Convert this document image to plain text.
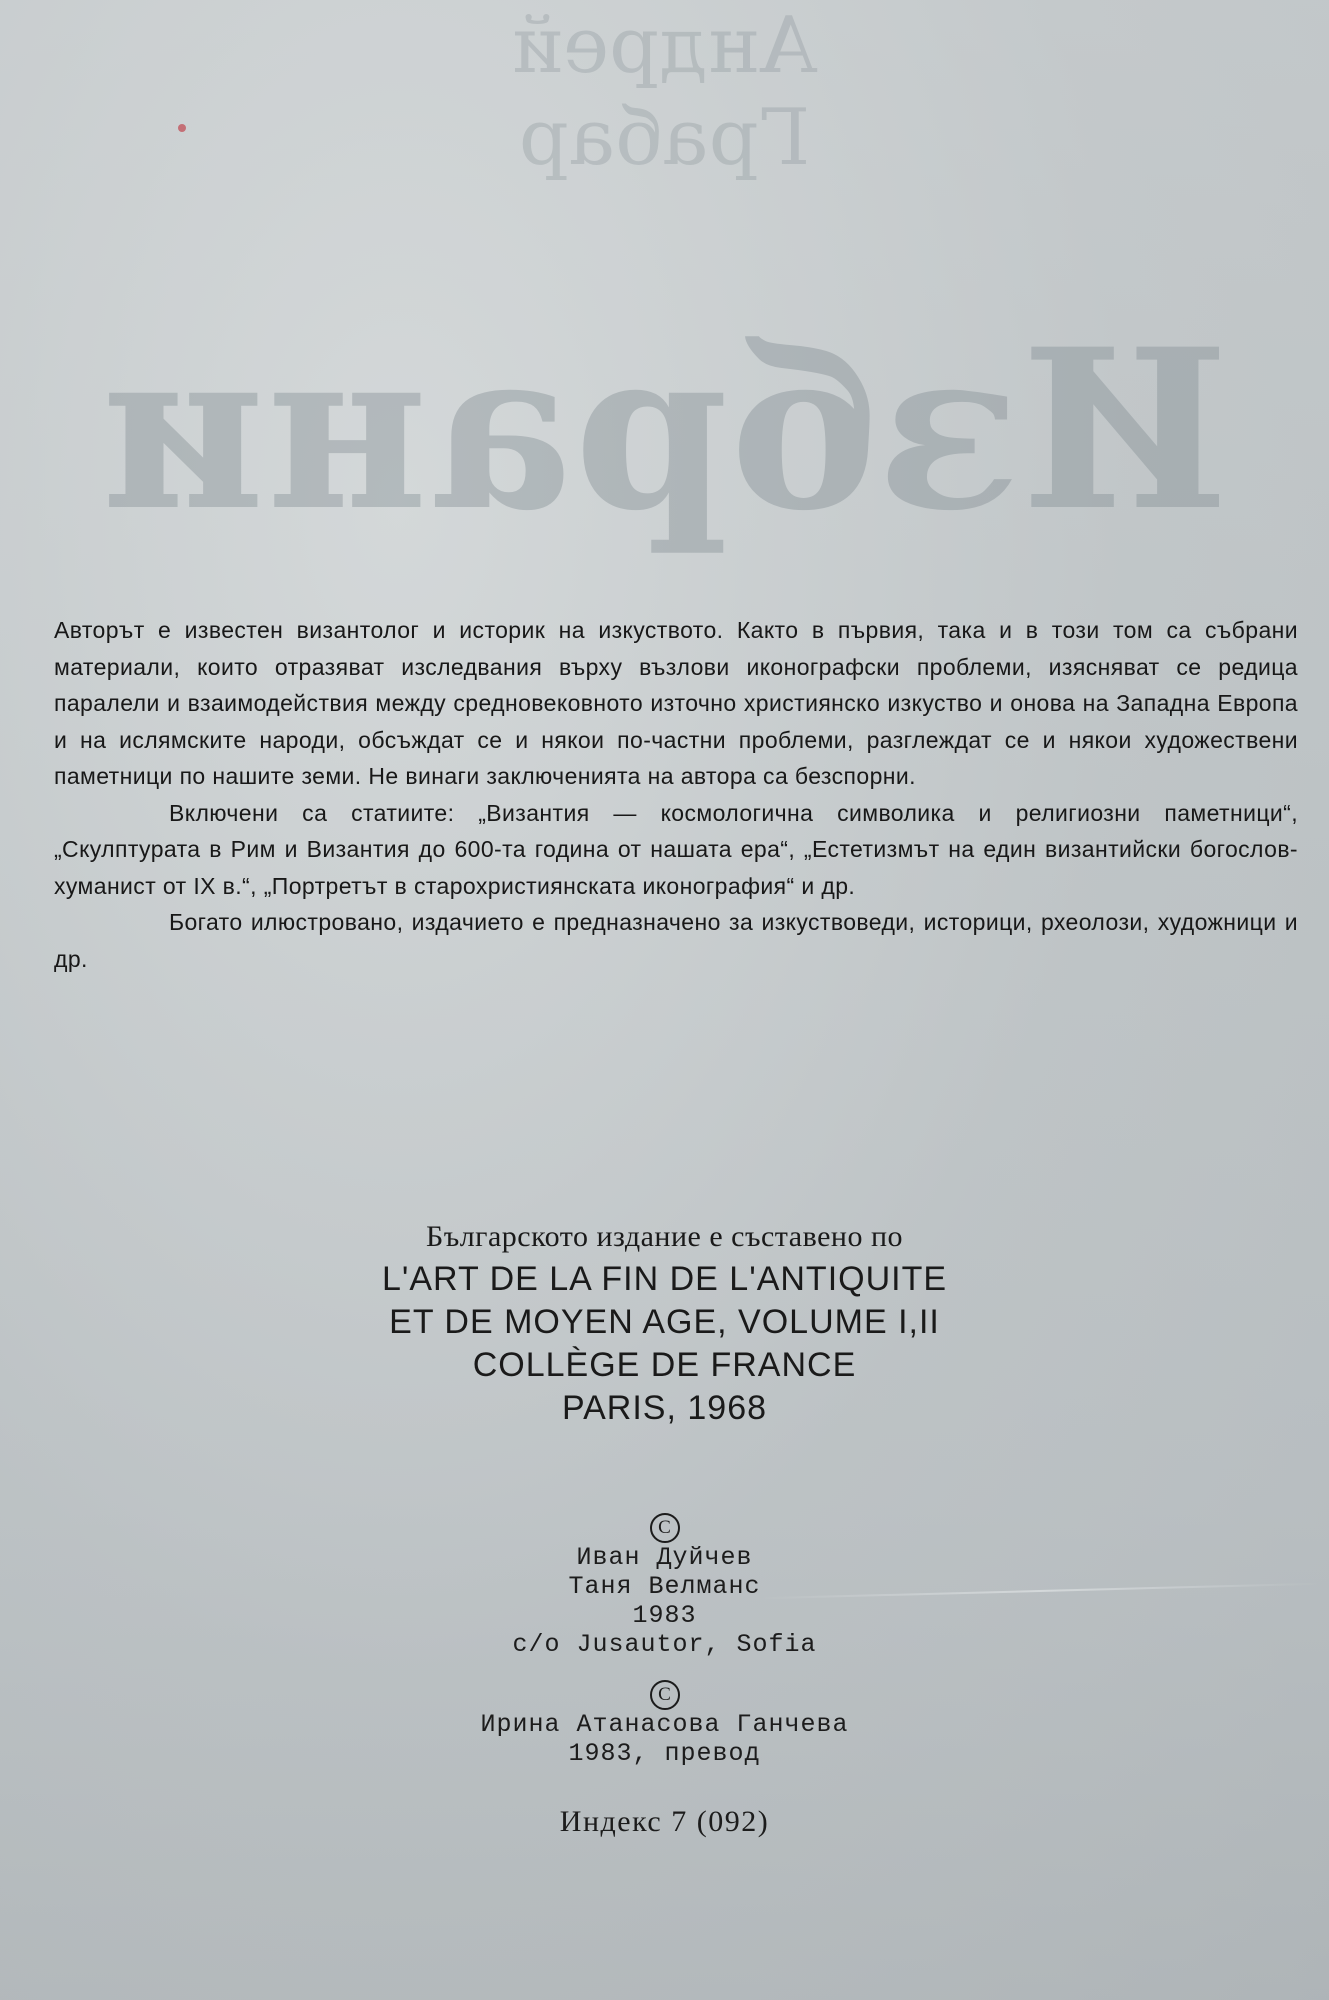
Андрей
Грабар
Избрани

Авторът е известен византолог и историк на изкуството. Както в първия, така и в този том са събрани материали, които отразяват изследвания върху възлови иконографски проблеми, изясняват се редица паралели и взаимодействия между средновековното източно християнско изкуство и онова на Западна Европа и на ислямските народи, обсъждат се и някои по-частни проблеми, разглеждат се и някои художествени паметници по нашите земи. Не винаги заключенията на автора са безспорни.

Включени са статиите: „Византия — космологична символика и религиозни паметници“, „Скулптурата в Рим и Византия до 600-та година от нашата ера“, „Естетизмът на един византийски богослов-хуманист от IX в.“, „Портретът в старохристиянската иконография“ и др.

Богато илюстровано, издачието е предназначено за изкуствоведи, историци, рхеолози, художници и др.

Българското издание е съставено по
L'ART DE LA FIN DE L'ANTIQUITE
ET DE MOYEN AGE, VOLUME I,II
COLLÈGE DE FRANCE
PARIS, 1968
C
Иван Дуйчев
Таня Велманс
1983
c/o Jusautor, Sofia
C
Ирина Атанасова Ганчева
1983, превод
Индекс 7 (092)
